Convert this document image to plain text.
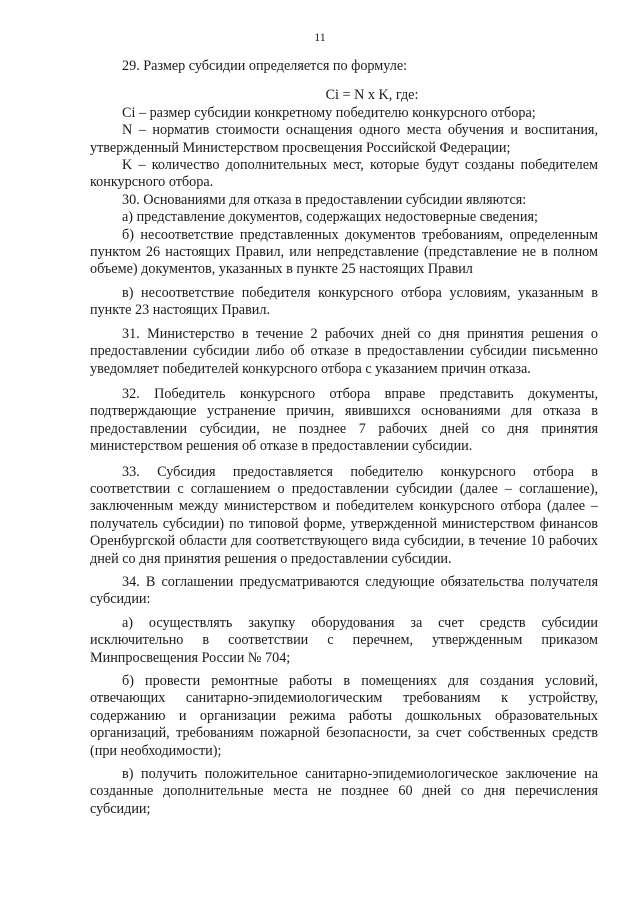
11

29. Размер субсидии определяется по формуле:

Ci = N x K, где:

Ci – размер субсидии конкретному победителю конкурсного отбора;

N – норматив стоимости оснащения одного места обучения и воспитания, утвержденный Министерством просвещения Российской Федерации;

K – количество дополнительных мест, которые будут созданы победителем конкурсного отбора.

30. Основаниями для отказа в предоставлении субсидии являются:

а) представление документов, содержащих недостоверные сведения;

б) несоответствие представленных документов требованиям, определенным пунктом 26 настоящих Правил, или непредставление (представление не в полном объеме) документов, указанных в пункте 25 настоящих Правил

в) несоответствие победителя конкурсного отбора условиям, указанным в пункте 23 настоящих Правил.

31. Министерство в течение 2 рабочих дней со дня принятия решения о предоставлении субсидии либо об отказе в предоставлении субсидии письменно уведомляет победителей конкурсного отбора с указанием причин отказа.

32. Победитель конкурсного отбора вправе представить документы, подтверждающие устранение причин, явившихся основаниями для отказа в предоставлении субсидии, не позднее 7 рабочих дней со дня принятия министерством решения об отказе в предоставлении субсидии.

33. Субсидия предоставляется победителю конкурсного отбора в соответствии с соглашением о предоставлении субсидии (далее – соглашение), заключенным между министерством и победителем конкурсного отбора (далее – получатель субсидии) по типовой форме, утвержденной министерством финансов Оренбургской области для соответствующего вида субсидии, в течение 10 рабочих дней со дня принятия решения о предоставлении субсидии.

34. В соглашении предусматриваются следующие обязательства получателя субсидии:

а) осуществлять закупку оборудования за счет средств субсидии исключительно в соответствии с перечнем, утвержденным приказом Минпросвещения России № 704;

б) провести ремонтные работы в помещениях для создания условий, отвечающих санитарно-эпидемиологическим требованиям к устройству, содержанию и организации режима работы дошкольных образовательных организаций, требованиям пожарной безопасности, за счет собственных средств (при необходимости);

в) получить положительное санитарно-эпидемиологическое заключение на созданные дополнительные места не позднее 60 дней со дня перечисления субсидии;
